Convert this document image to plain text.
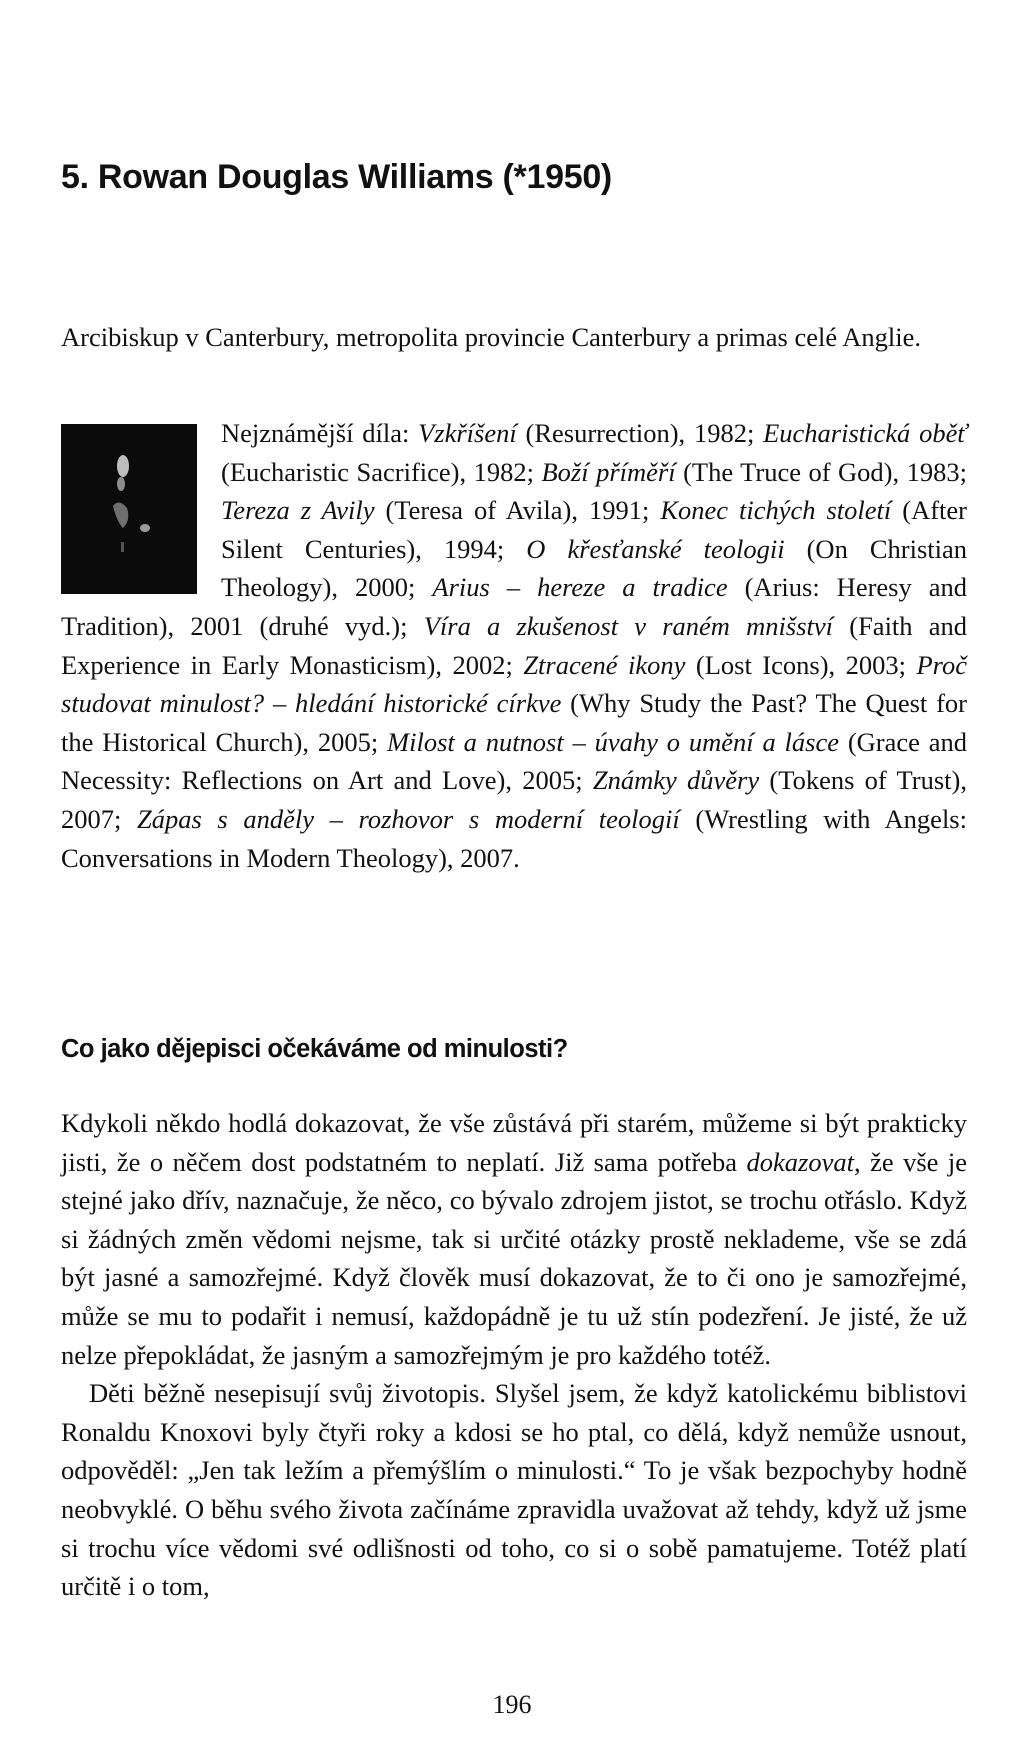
5. Rowan Douglas Williams (*1950)

Arcibiskup v Canterbury, metropolita provincie Canterbury a primas celé Anglie.

Nejznámější díla: Vzkříšení (Resurrection), 1982; Eucharistická oběť (Eucharistic Sacrifice), 1982; Boží příměří (The Truce of God), 1983; Tereza z Avily (Teresa of Avila), 1991; Konec tichých století (After Silent Centuries), 1994; O křesťanské teologii (On Christian Theology), 2000; Arius – hereze a tradice (Arius: Heresy and Tradition), 2001 (druhé vyd.); Víra a zkušenost v raném mnišství (Faith and Experience in Early Monasticism), 2002; Ztracené ikony (Lost Icons), 2003; Proč studovat minulost? – hledání historické církve (Why Study the Past? The Quest for the Historical Church), 2005; Milost a nutnost – úvahy o umění a lásce (Grace and Necessity: Reflections on Art and Love), 2005; Známky důvěry (Tokens of Trust), 2007; Zápas s anděly – rozhovor s moderní teologií (Wrestling with Angels: Conversations in Modern Theology), 2007.
Co jako dějepisci očekáváme od minulosti?

Kdykoli někdo hodlá dokazovat, že vše zůstává při starém, můžeme si být prakticky jisti, že o něčem dost podstatném to neplatí. Již sama potřeba dokazovat, že vše je stejné jako dřív, naznačuje, že něco, co bývalo zdrojem jistot, se trochu otřáslo. Když si žádných změn vědomi nejsme, tak si určité otázky prostě neklademe, vše se zdá být jasné a samozřejmé. Když člověk musí dokazovat, že to či ono je samozřejmé, může se mu to podařit i nemusí, každopádně je tu už stín podezření. Je jisté, že už nelze přepokládat, že jasným a samozřejmým je pro každého totéž.

Děti běžně nesepisují svůj životopis. Slyšel jsem, že když katolickému biblistovi Ronaldu Knoxovi byly čtyři roky a kdosi se ho ptal, co dělá, když nemůže usnout, odpověděl: „Jen tak ležím a přemýšlím o minulosti.“ To je však bezpochyby hodně neobvyklé. O běhu svého života začínáme zpravidla uvažovat až tehdy, když už jsme si trochu více vědomi své odlišnosti od toho, co si o sobě pamatujeme. Totéž platí určitě i o tom,

196
